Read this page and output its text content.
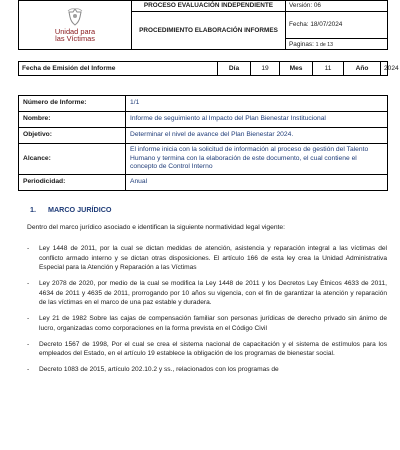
Unidad para
las Víctimas	PROCESO EVALUACIÓN INDEPENDIENTE	Versión: 06
	PROCEDIMIENTO ELABORACIÓN INFORMES	Fecha: 18/07/2024
		Paginas: 1 de 13
Fecha de Emisión del Informe	Día	19	Mes	11	Año	2024
Número de Informe:	1/1
Nombre:	Informe de seguimiento al Impacto del Plan Bienestar Institucional
Objetivo:	Determinar el nivel de avance del Plan Bienestar 2024.
Alcance:	El informe inicia con la solicitud de información al proceso de gestión del Talento Humano y termina con la elaboración de este documento, el cual contiene el concepto de Control Interno
Periodicidad:	Anual
1. MARCO JURÍDICO
Dentro del marco jurídico asociado e identifican la siguiente normatividad legal vigente:
- Ley 1448 de 2011, por la cual se dictan medidas de atención, asistencia y reparación integral a las víctimas del conflicto armado interno y se dictan otras disposiciones. El artículo 166 de esta ley crea la Unidad Administrativa Especial para la Atención y Reparación a las Víctimas
- Ley 2078 de 2020, por medio de la cual se modifica la Ley 1448 de 2011 y los Decretos Ley Étnicos 4633 de 2011, 4634 de 2011 y 4635 de 2011, prorrogando por 10 años su vigencia, con el fin de garantizar la atención y reparación de las víctimas en el marco de una paz estable y duradera.
- Ley 21 de 1982 Sobre las cajas de compensación familiar son personas jurídicas de derecho privado sin ánimo de lucro, organizadas como corporaciones en la forma prevista en el Código Civil
- Decreto 1567 de 1998, Por el cual se crea el sistema nacional de capacitación y el sistema de estímulos para los empleados del Estado, en el artículo 19 establece la obligación de los programas de bienestar social.
- Decreto 1083 de 2015, artículo 202.10.2 y ss., relacionados con los programas de
